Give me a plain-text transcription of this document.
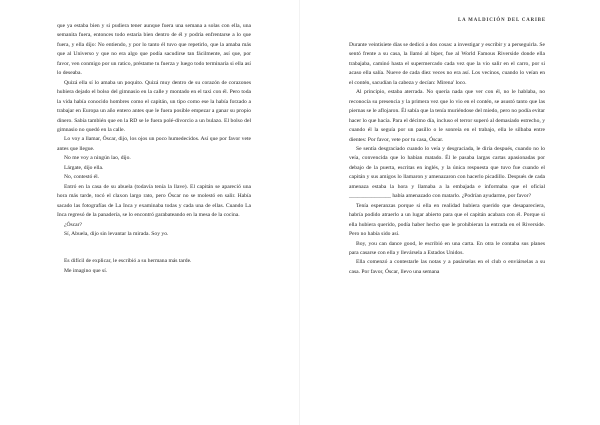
que ya estaba bien y si pudiera tener aunque fuera una semana a solas con ella, una semanita fuera, entonces todo estaría bien dentro de él y podría enfrentarse a lo que fuera, y ella dijo: No entiendo, y por lo tanto él tuvo que repetirlo, que la amaba más que al Universo y que no era algo que podía sacudirse tan fácilmente, así que, por favor, ven conmigo por un ratico, préstame tu fuerza y luego todo terminaría si ella así lo deseaba.

Quizá ella sí lo amaba un poquito. Quizá muy dentro de su corazón de corazones hubiera dejado el bolso del gimnasio en la calle y montado en el taxi con él. Pero toda la vida había conocido hombres como el capitán, un tipo como ese la había forzado a trabajar en Europa un año entero antes que le fuera posible empezar a ganar su propio dinero. Sabía también que en la RD se le fuera polé-divorcio a un bulazo. El bolso del gimnasio no quedó en la calle.

Lo voy a llamar, Óscar, dijo, los ojos un poco humedecidos. Así que por favor vete antes que llegue.

No me voy a ningún lao, dijo.

Lárgate, dijo ella.

No, contestó él.

Entró en la casa de su abuela (todavía tenía la llave). El capitán se apareció una hora más tarde, tocó el claxon largo rato, pero Óscar no se molestó en salir. Había sacado las fotografías de La Inca y examinaba todas y cada una de ellas. Cuando La Inca regresó de la panadería, se lo encontró garabateando en la mesa de la cocina.

¿Óscar?

Sí, Abuela, dijo sin levantar la mirada. Soy yo.

Es difícil de explicar, le escribió a su hermana más tarde.

Me imagino que sí.

LA MALDICIÓN DEL CARIBE

Durante veintisiete días se dedicó a dos cosas: a investigar y escribir y a perseguirla. Se sentó frente a su casa, la llamó al biper, fue al World Famous Riverside donde ella trabajaba, caminó hasta el supermercado cada vez que la vio salir en el carro, por si acaso ella salía. Nueve de cada diez veces no era así. Los vecinos, cuando lo veían en el contén, sacudían la cabeza y decían: Mirena' loco.

Al principio, estaba aterrada. No quería nada que ver con él, no le hablaba, no reconocía su presencia y la primera vez que lo vio en el contén, se asustó tanto que las piernas se le aflojaron. Él sabía que la tenía muriéndose del miedo, pero no podía evitar hacer lo que hacía. Para el décimo día, incluso el terror superó al demasiado estrecho, y cuando él la seguía por un pasillo o le sonreía en el trabajo, ella le silbaba entre dientes: Por favor, vete por tu casa, Óscar.

Se sentía desgraciado cuando lo veía y desgraciada, le diría después, cuando no lo veía, convencida que lo habían matado. Él le pasaba largas cartas apasionadas por debajo de la puerta, escritas en inglés, y la única respuesta que tuvo fue cuando el capitán y sus amigos lo llamaron y amenazaron con hacerlo picadillo. Después de cada amenaza estaba la hora y llamaba a la embajada e informaba que el oficial _______________ había amenazado con matarlo. ¿Podrían ayudarme, por favor?

Tenía esperanzas porque si ella en realidad hubiera querido que desapareciera, habría podido atraerlo a un lugar abierto para que el capitán acabara con él. Porque si ella hubiera querido, podía haber hecho que le prohibieran la entrada en el Riverside. Pero no había sido así.

Boy, you can dance good, le escribió en una carta. En otra le contaba sus planes para casarse con ella y llevársela a Estados Unidos.

Ella comenzó a contestarle las notas y a pasárselas en el club o enviárselas a su casa. Por favor, Óscar, llevo una semana
